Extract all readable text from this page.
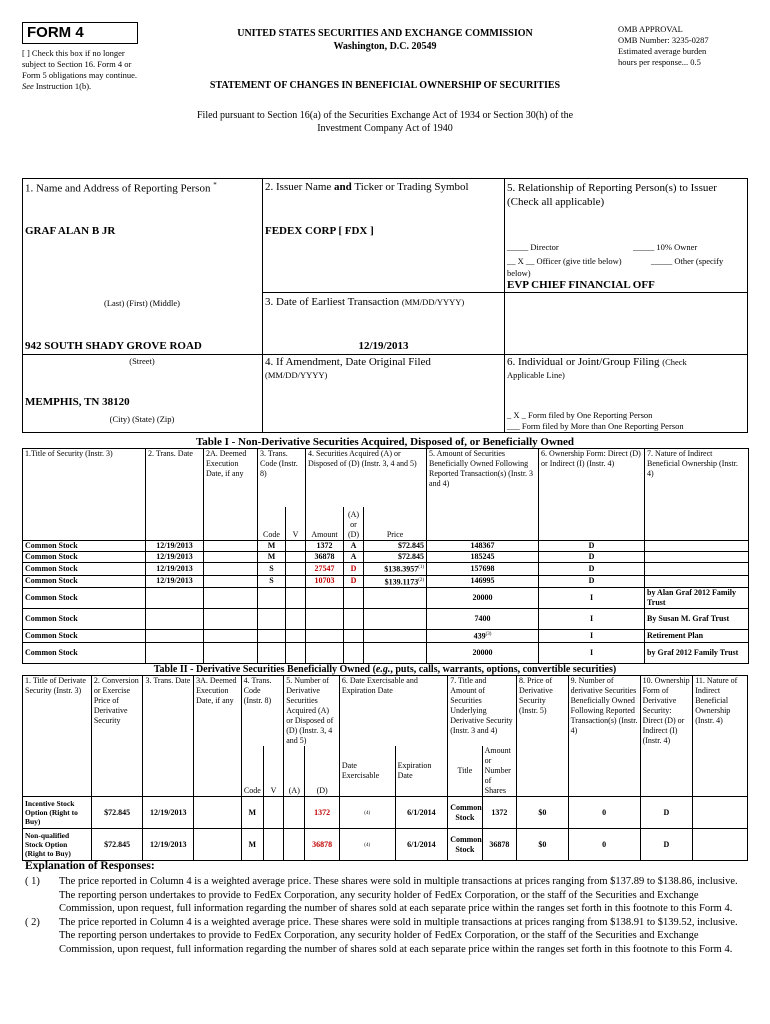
FORM 4
[ ] Check this box if no longer subject to Section 16. Form 4 or Form 5 obligations may continue. See Instruction 1(b).
UNITED STATES SECURITIES AND EXCHANGE COMMISSION
Washington, D.C. 20549
STATEMENT OF CHANGES IN BENEFICIAL OWNERSHIP OF SECURITIES
OMB APPROVAL
OMB Number: 3235-0287
Estimated average burden
hours per response... 0.5
Filed pursuant to Section 16(a) of the Securities Exchange Act of 1934 or Section 30(h) of the
Investment Company Act of 1940
1. Name and Address of Reporting Person *
GRAF ALAN B JR
(Last) (First) (Middle)
942 SOUTH SHADY GROVE ROAD
(Street)
MEMPHIS, TN 38120
(City) (State) (Zip)
2. Issuer Name and Ticker or Trading Symbol
FEDEX CORP [ FDX ]
3. Date of Earliest Transaction (MM/DD/YYYY)
12/19/2013
4. If Amendment, Date Original Filed
(MM/DD/YYYY)
5. Relationship of Reporting Person(s) to Issuer
(Check all applicable)
_____ Director	_____ 10% Owner
__ X __ Officer (give title below)	_____ Other (specify
below)
EVP CHIEF FINANCIAL OFF
6. Individual or Joint/Group Filing (Check
Applicable Line)
_ X _ Form filed by One Reporting Person
___ Form filed by More than One Reporting Person
Table I - Non-Derivative Securities Acquired, Disposed of, or Beneficially Owned
1.Title of Security (Instr. 3)	2. Trans. Date	2A. Deemed Execution Date, if any	3. Trans. Code (Instr. 8)		4. Securities Acquired (A) or Disposed of (D) (Instr. 3, 4 and 5)			5. Amount of Securities Beneficially Owned Following Reported Transaction(s) (Instr. 3 and 4)	6. Ownership Form: Direct (D) or Indirect (I) (Instr. 4)	7. Nature of Indirect Beneficial Ownership (Instr. 4)
			Code	V	Amount	(A) or (D)	Price			
Common Stock	12/19/2013		M		1372	A	$72.845	148367	D	
Common Stock	12/19/2013		M		36878	A	$72.845	185245	D	
Common Stock	12/19/2013		S		27547	D	$138.3957$^{(1)}$	157698	D	
Common Stock	12/19/2013		S		10703	D	$139.1173$^{(2)}$	146995	D	
Common Stock								20000	I	by Alan Graf 2012 Family Trust
Common Stock								7400	I	By Susan M. Graf Trust
Common Stock								439$^{(3)}$	I	Retirement Plan
Common Stock								20000	I	by Graf 2012 Family Trust
Table II - Derivative Securities Beneficially Owned (e.g., puts, calls, warrants, options, convertible securities)
1. Title of Derivate Security (Instr. 3)	2. Conversion or Exercise Price of Derivative Security	3. Trans. Date	3A. Deemed Execution Date, if any	4. Trans. Code (Instr. 8)		5. Number of Derivative Securities Acquired (A) or Disposed of (D) (Instr. 3, 4 and 5)		6. Date Exercisable and Expiration Date		7. Title and Amount of Securities Underlying Derivative Security (Instr. 3 and 4)		8. Price of Derivative Security (Instr. 5)	9. Number of derivative Securities Beneficially Owned Following Reported Transaction(s) (Instr. 4)	10. Ownership Form of Derivative Security: Direct (D) or Indirect (I) (Instr. 4)	11. Nature of Indirect Beneficial Ownership (Instr. 4)
				Code	V	(A)	(D)	Date Exercisable	Expiration Date	Title	Amount or Number of Shares				
Incentive Stock Option (Right to Buy)	$72.845	12/19/2013		M			1372	(4)	6/1/2014	Common Stock	1372	$0	0	D	
Non-qualified Stock Option (Right to Buy)	$72.845	12/19/2013		M			36878	(4)	6/1/2014	Common Stock	36878	$0	0	D	
Explanation of Responses:
( 1) The price reported in Column 4 is a weighted average price. These shares were sold in multiple transactions at prices ranging from $137.89 to $138.86, inclusive. The reporting person undertakes to provide to FedEx Corporation, any security holder of FedEx Corporation, or the staff of the Securities and Exchange Commission, upon request, full information regarding the number of shares sold at each separate price within the ranges set forth in this footnote to this Form 4.
( 2) The price reported in Column 4 is a weighted average price. These shares were sold in multiple transactions at prices ranging from $138.91 to $139.52, inclusive. The reporting person undertakes to provide to FedEx Corporation, any security holder of FedEx Corporation, or the staff of the Securities and Exchange Commission, upon request, full information regarding the number of shares sold at each separate price within the ranges set forth in this footnote to this Form 4.
